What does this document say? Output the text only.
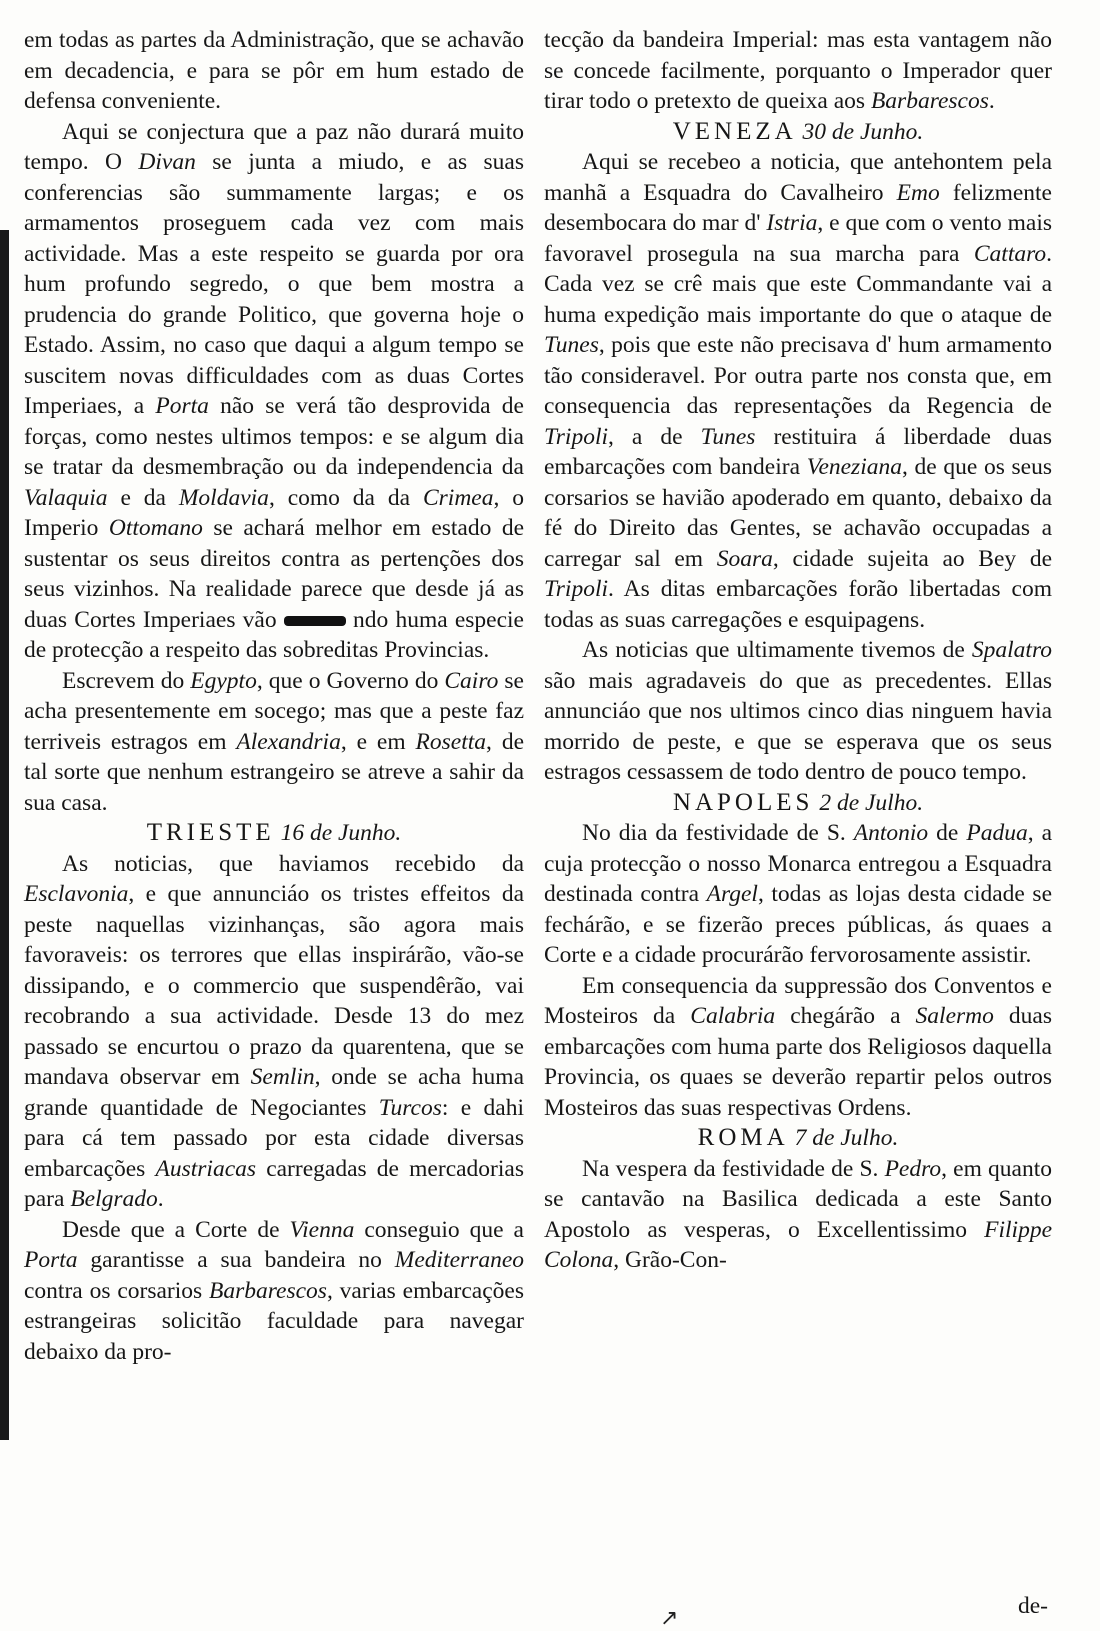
em todas as partes da Administração, que se achavão em decadencia, e para se pôr em hum estado de defensa conveniente.

Aqui se conjectura que a paz não durará muito tempo. O Divan se junta a miudo, e as suas conferencias são summamente largas; e os armamentos proseguem cada vez com mais actividade. Mas a este respeito se guarda por ora hum profundo segredo, o que bem mostra a prudencia do grande Politico, que governa hoje o Estado. Assim, no caso que daqui a algum tempo se suscitem novas difficuldades com as duas Cortes Imperiaes, a Porta não se verá tão desprovida de forças, como nestes ultimos tempos: e se algum dia se tratar da desmembração ou da independencia da Valaquia e da Moldavia, como da da Crimea, o Imperio Ottomano se achará melhor em estado de sustentar os seus direitos contra as pertenções dos seus vizinhos. Na realidade parece que desde já as duas Cortes Imperiaes vão	ndo huma especie de protecção a respeito das sobreditas Provincias.

Escrevem do Egypto, que o Governo do Cairo se acha presentemente em socego; mas que a peste faz terriveis estragos em Alexandria, e em Rosetta, de tal sorte que nenhum estrangeiro se atreve a sahir da sua casa.

TRIESTE 16 de Junho.

As noticias, que haviamos recebido da Esclavonia, e que annunciáo os tristes effeitos da peste naquellas vizinhanças, são agora mais favoraveis: os terrores que ellas inspirárão, vão-se dissipando, e o commercio que suspendêrão, vai recobrando a sua actividade. Desde 13 do mez passado se encurtou o prazo da quarentena, que se mandava observar em Semlin, onde se acha huma grande quantidade de Negociantes Turcos: e dahi para cá tem passado por esta cidade diversas embarcações Austriacas carregadas de mercadorias para Belgrado.

Desde que a Corte de Vienna conseguio que a Porta garantisse a sua bandeira no Mediterraneo contra os corsarios Barbarescos, varias embarcações estrangeiras solicitão faculdade para navegar debaixo da pro-

tecção da bandeira Imperial: mas esta vantagem não se concede facilmente, porquanto o Imperador quer tirar todo o pretexto de queixa aos Barbarescos.

VENEZA 30 de Junho.

Aqui se recebeo a noticia, que antehontem pela manhã a Esquadra do Cavalheiro Emo felizmente desembocara do mar d' Istria, e que com o vento mais favoravel prosegula na sua marcha para Cattaro. Cada vez se crê mais que este Commandante vai a huma expedição mais importante do que o ataque de Tunes, pois que este não precisava d' hum armamento tão consideravel. Por outra parte nos consta que, em consequencia das representações da Regencia de Tripoli, a de Tunes restituira á liberdade duas embarcações com bandeira Veneziana, de que os seus corsarios se havião apoderado em quanto, debaixo da fé do Direito das Gentes, se achavão occupadas a carregar sal em Soara, cidade sujeita ao Bey de Tripoli. As ditas embarcações forão libertadas com todas as suas carregações e esquipagens.

As noticias que ultimamente tivemos de Spalatro são mais agradaveis do que as precedentes. Ellas annunciáo que nos ultimos cinco dias ninguem havia morrido de peste, e que se esperava que os seus estragos cessassem de todo dentro de pouco tempo.

NAPOLES 2 de Julho.

No dia da festividade de S. Antonio de Padua, a cuja protecção o nosso Monarca entregou a Esquadra destinada contra Argel, todas as lojas desta cidade se fechárão, e se fizerão preces públicas, ás quaes a Corte e a cidade procurárão fervorosamente assistir.

Em consequencia da suppressão dos Conventos e Mosteiros da Calabria chegárão a Salermo duas embarcações com huma parte dos Religiosos daquella Provincia, os quaes se deverão repartir pelos outros Mosteiros das suas respectivas Ordens.

ROMA 7 de Julho.

Na vespera da festividade de S. Pedro, em quanto se cantavão na Basilica dedicada a este Santo Apostolo as vesperas, o Excellentissimo Filippe Colona, Grão-Con-

de-
↗
